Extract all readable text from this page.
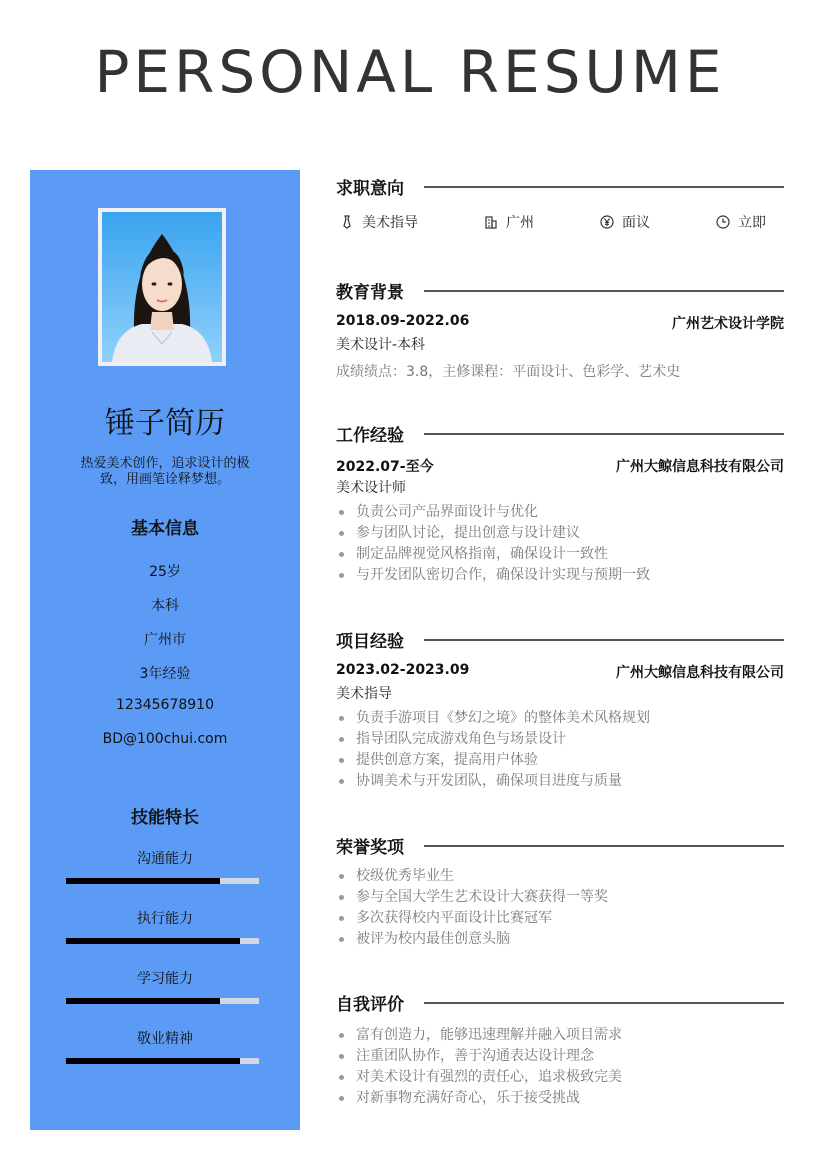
PERSONAL RESUME
锤子简历
热爱美术创作，追求设计的极致，用画笔诠释梦想。
基本信息
25岁
本科
广州市
3年经验
12345678910
BD@100chui.com
技能特长
沟通能力
执行能力
学习能力
敬业精神
求职意向
美术指导	广州	面议	立即
教育背景
2018.09-2022.06	广州艺术设计学院
美术设计-本科
成绩绩点：3.8，主修课程：平面设计、色彩学、艺术史
工作经验
2022.07-至今	广州大鲸信息科技有限公司
美术设计师
负责公司产品界面设计与优化
参与团队讨论，提出创意与设计建议
制定品牌视觉风格指南，确保设计一致性
与开发团队密切合作，确保设计实现与预期一致
项目经验
2023.02-2023.09	广州大鲸信息科技有限公司
美术指导
负责手游项目《梦幻之境》的整体美术风格规划
指导团队完成游戏角色与场景设计
提供创意方案，提高用户体验
协调美术与开发团队，确保项目进度与质量
荣誉奖项
校级优秀毕业生
参与全国大学生艺术设计大赛获得一等奖
多次获得校内平面设计比赛冠军
被评为校内最佳创意头脑
自我评价
富有创造力，能够迅速理解并融入项目需求
注重团队协作，善于沟通表达设计理念
对美术设计有强烈的责任心，追求极致完美
对新事物充满好奇心，乐于接受挑战
